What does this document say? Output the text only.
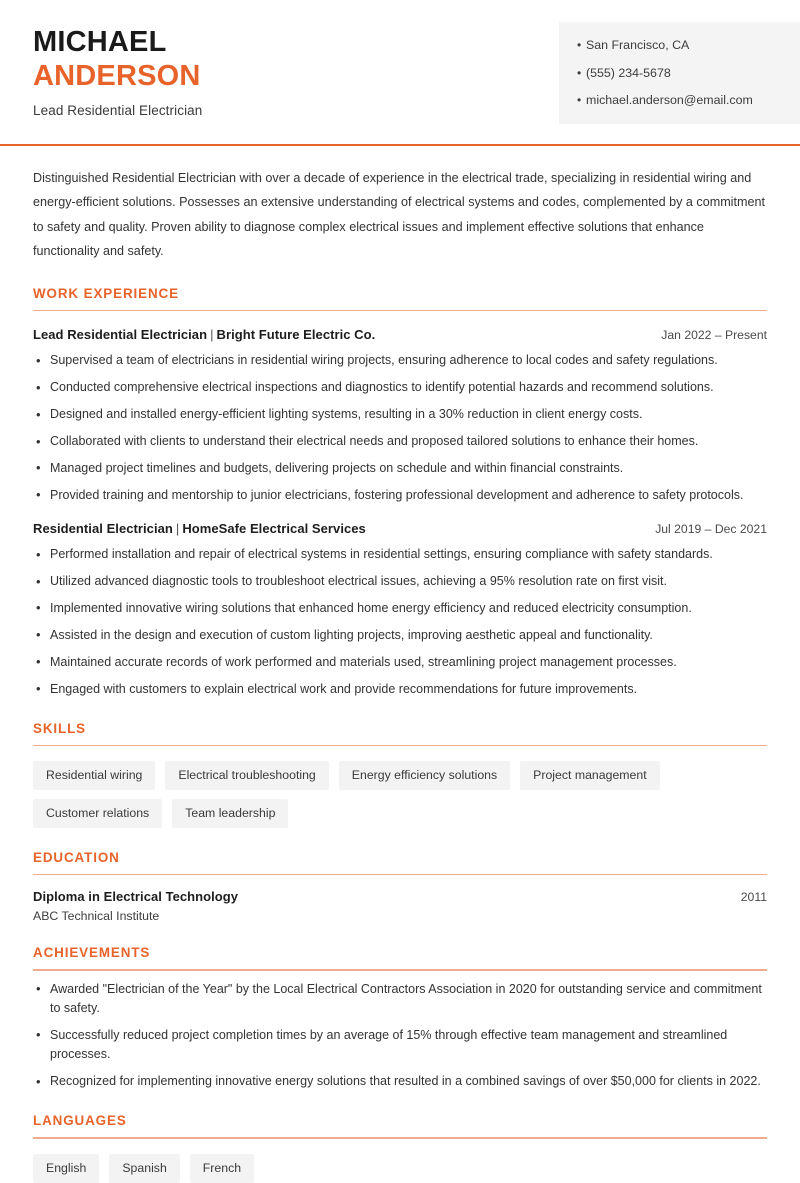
MICHAEL
ANDERSON
Lead Residential Electrician
• San Francisco, CA
• (555) 234-5678
• michael.anderson@email.com

Distinguished Residential Electrician with over a decade of experience in the electrical trade, specializing in residential wiring and energy-efficient solutions. Possesses an extensive understanding of electrical systems and codes, complemented by a commitment to safety and quality. Proven ability to diagnose complex electrical issues and implement effective solutions that enhance functionality and safety.

WORK EXPERIENCE
Lead Residential Electrician | Bright Future Electric Co.	Jan 2022 – Present
• Supervised a team of electricians in residential wiring projects, ensuring adherence to local codes and safety regulations.
• Conducted comprehensive electrical inspections and diagnostics to identify potential hazards and recommend solutions.
• Designed and installed energy-efficient lighting systems, resulting in a 30% reduction in client energy costs.
• Collaborated with clients to understand their electrical needs and proposed tailored solutions to enhance their homes.
• Managed project timelines and budgets, delivering projects on schedule and within financial constraints.
• Provided training and mentorship to junior electricians, fostering professional development and adherence to safety protocols.
Residential Electrician | HomeSafe Electrical Services	Jul 2019 – Dec 2021
• Performed installation and repair of electrical systems in residential settings, ensuring compliance with safety standards.
• Utilized advanced diagnostic tools to troubleshoot electrical issues, achieving a 95% resolution rate on first visit.
• Implemented innovative wiring solutions that enhanced home energy efficiency and reduced electricity consumption.
• Assisted in the design and execution of custom lighting projects, improving aesthetic appeal and functionality.
• Maintained accurate records of work performed and materials used, streamlining project management processes.
• Engaged with customers to explain electrical work and provide recommendations for future improvements.
SKILLS
Residential wiring	Electrical troubleshooting	Energy efficiency solutions	Project management
Customer relations	Team leadership
EDUCATION
Diploma in Electrical Technology	2011
ABC Technical Institute
ACHIEVEMENTS
• Awarded "Electrician of the Year" by the Local Electrical Contractors Association in 2020 for outstanding service and commitment to safety.
• Successfully reduced project completion times by an average of 15% through effective team management and streamlined processes.
• Recognized for implementing innovative energy solutions that resulted in a combined savings of over $50,000 for clients in 2022.
LANGUAGES
English	Spanish	French
